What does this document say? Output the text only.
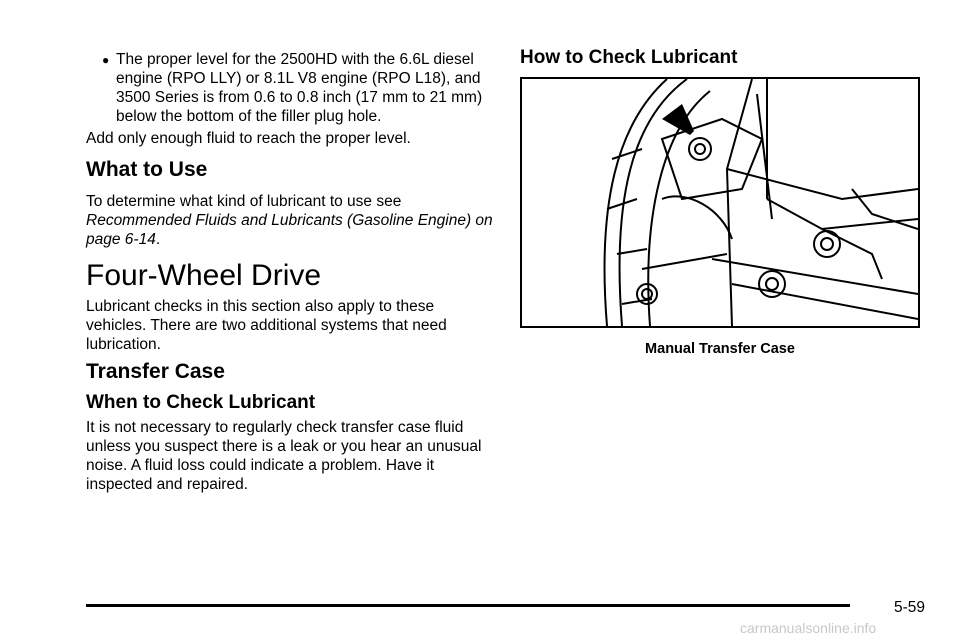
● The proper level for the 2500HD with the 6.6L diesel engine (RPO LLY) or 8.1L V8 engine (RPO L18), and 3500 Series is from 0.6 to 0.8 inch (17 mm to 21 mm) below the bottom of the filler plug hole.

Add only enough fluid to reach the proper level.

What to Use

To determine what kind of lubricant to use see Recommended Fluids and Lubricants (Gasoline Engine) on page 6-14.

Four-Wheel Drive

Lubricant checks in this section also apply to these vehicles. There are two additional systems that need lubrication.

Transfer Case
When to Check Lubricant

It is not necessary to regularly check transfer case fluid unless you suspect there is a leak or you hear an unusual noise. A fluid loss could indicate a problem. Have it inspected and repaired.

How to Check Lubricant

Manual Transfer Case

5-59
carmanualsonline.info
